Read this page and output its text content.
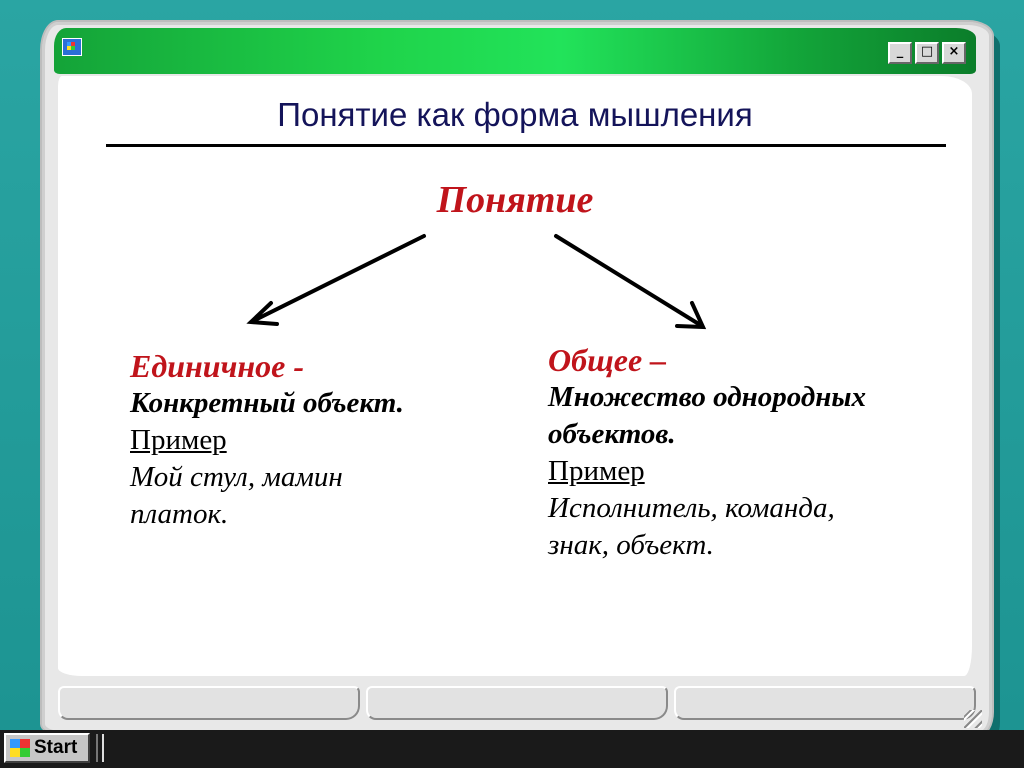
_	□	×
Понятие как форма мышления
Понятие
Единичное -
Конкретный объект.
Пример
Мой стул, мамин
платок.
Общее –
Множество однородных
объектов.
Пример
Исполнитель, команда,
знак, объект.
Start
